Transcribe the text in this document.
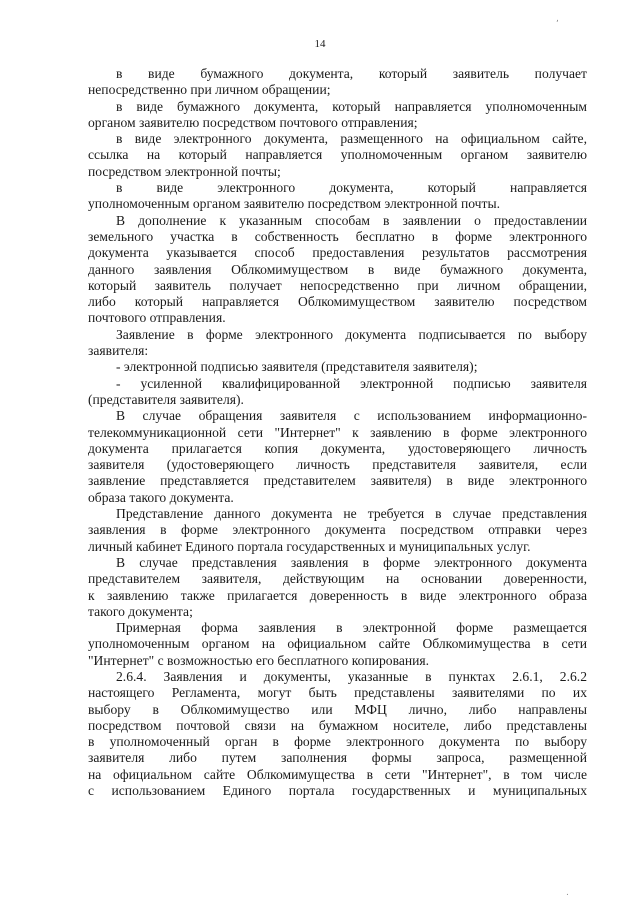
,
14
в виде бумажного документа, который заявитель получает
непосредственно при личном обращении;
в виде бумажного документа, который направляется уполномоченным
органом заявителю посредством почтового отправления;
в виде электронного документа, размещенного на официальном сайте,
ссылка на который направляется уполномоченным органом заявителю
посредством электронной почты;
в виде электронного документа, который направляется
уполномоченным органом заявителю посредством электронной почты.
В дополнение к указанным способам в заявлении о предоставлении
земельного участка в собственность бесплатно в форме электронного
документа указывается способ предоставления результатов рассмотрения
данного заявления Облкомимуществом в виде бумажного документа,
который заявитель получает непосредственно при личном обращении,
либо который направляется Облкомимуществом заявителю посредством
почтового отправления.
Заявление в форме электронного документа подписывается по выбору
заявителя:
- электронной подписью заявителя (представителя заявителя);
- усиленной квалифицированной электронной подписью заявителя
(представителя заявителя).
В случае обращения заявителя с использованием информационно-
телекоммуникационной сети "Интернет" к заявлению в форме электронного
документа прилагается копия документа, удостоверяющего личность
заявителя (удостоверяющего личность представителя заявителя, если
заявление представляется представителем заявителя) в виде электронного
образа такого документа.
Представление данного документа не требуется в случае представления
заявления в форме электронного документа посредством отправки через
личный кабинет Единого портала государственных и муниципальных услуг.
В случае представления заявления в форме электронного документа
представителем заявителя, действующим на основании доверенности,
к заявлению также прилагается доверенность в виде электронного образа
такого документа;
Примерная форма заявления в электронной форме размещается
уполномоченным органом на официальном сайте Облкомимущества в сети
"Интернет" с возможностью его бесплатного копирования.
2.6.4. Заявления и документы, указанные в пунктах 2.6.1, 2.6.2
настоящего Регламента, могут быть представлены заявителями по их
выбору в Облкомимущество или МФЦ лично, либо направлены
посредством почтовой связи на бумажном носителе, либо представлены
в уполномоченный орган в форме электронного документа по выбору
заявителя либо путем заполнения формы запроса, размещенной
на официальном сайте Облкомимущества в сети "Интернет", в том числе
с использованием Единого портала государственных и муниципальных
.
